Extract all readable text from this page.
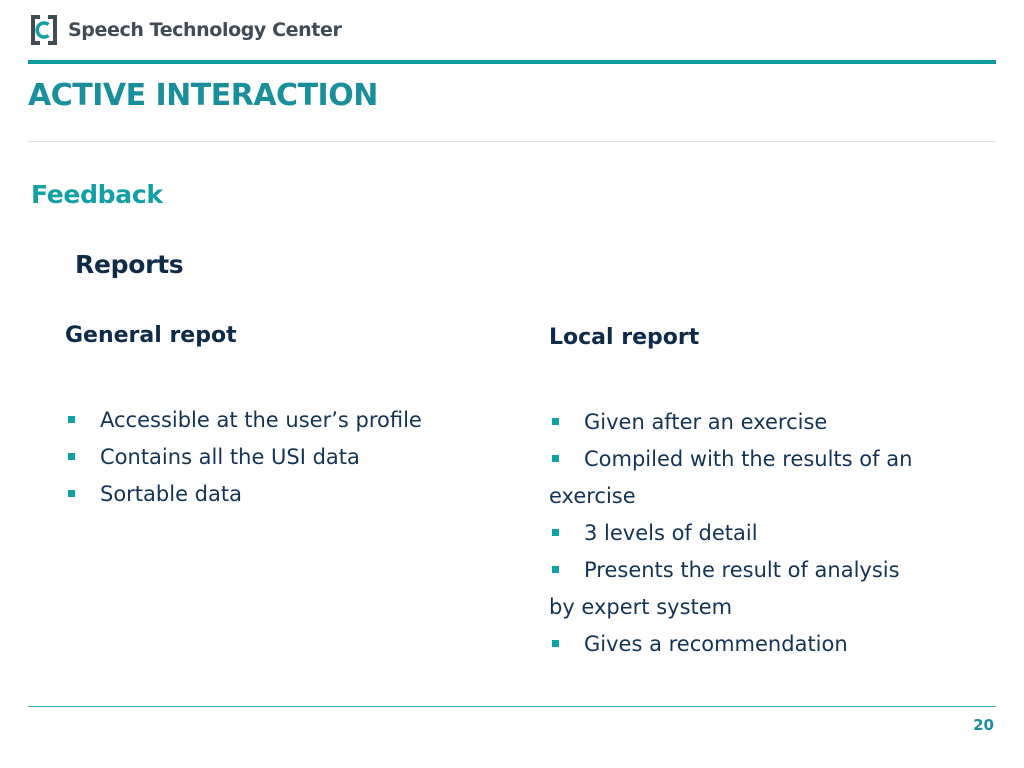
Speech Technology Center
ACTIVE INTERACTION
Feedback
Reports
General repot
Accessible at the user’s profile
Contains all the USI data
Sortable data
Local report
Given after an exercise
Compiled with the results of an
exercise
3 levels of detail
Presents the result of analysis
by expert system
Gives a recommendation
20
